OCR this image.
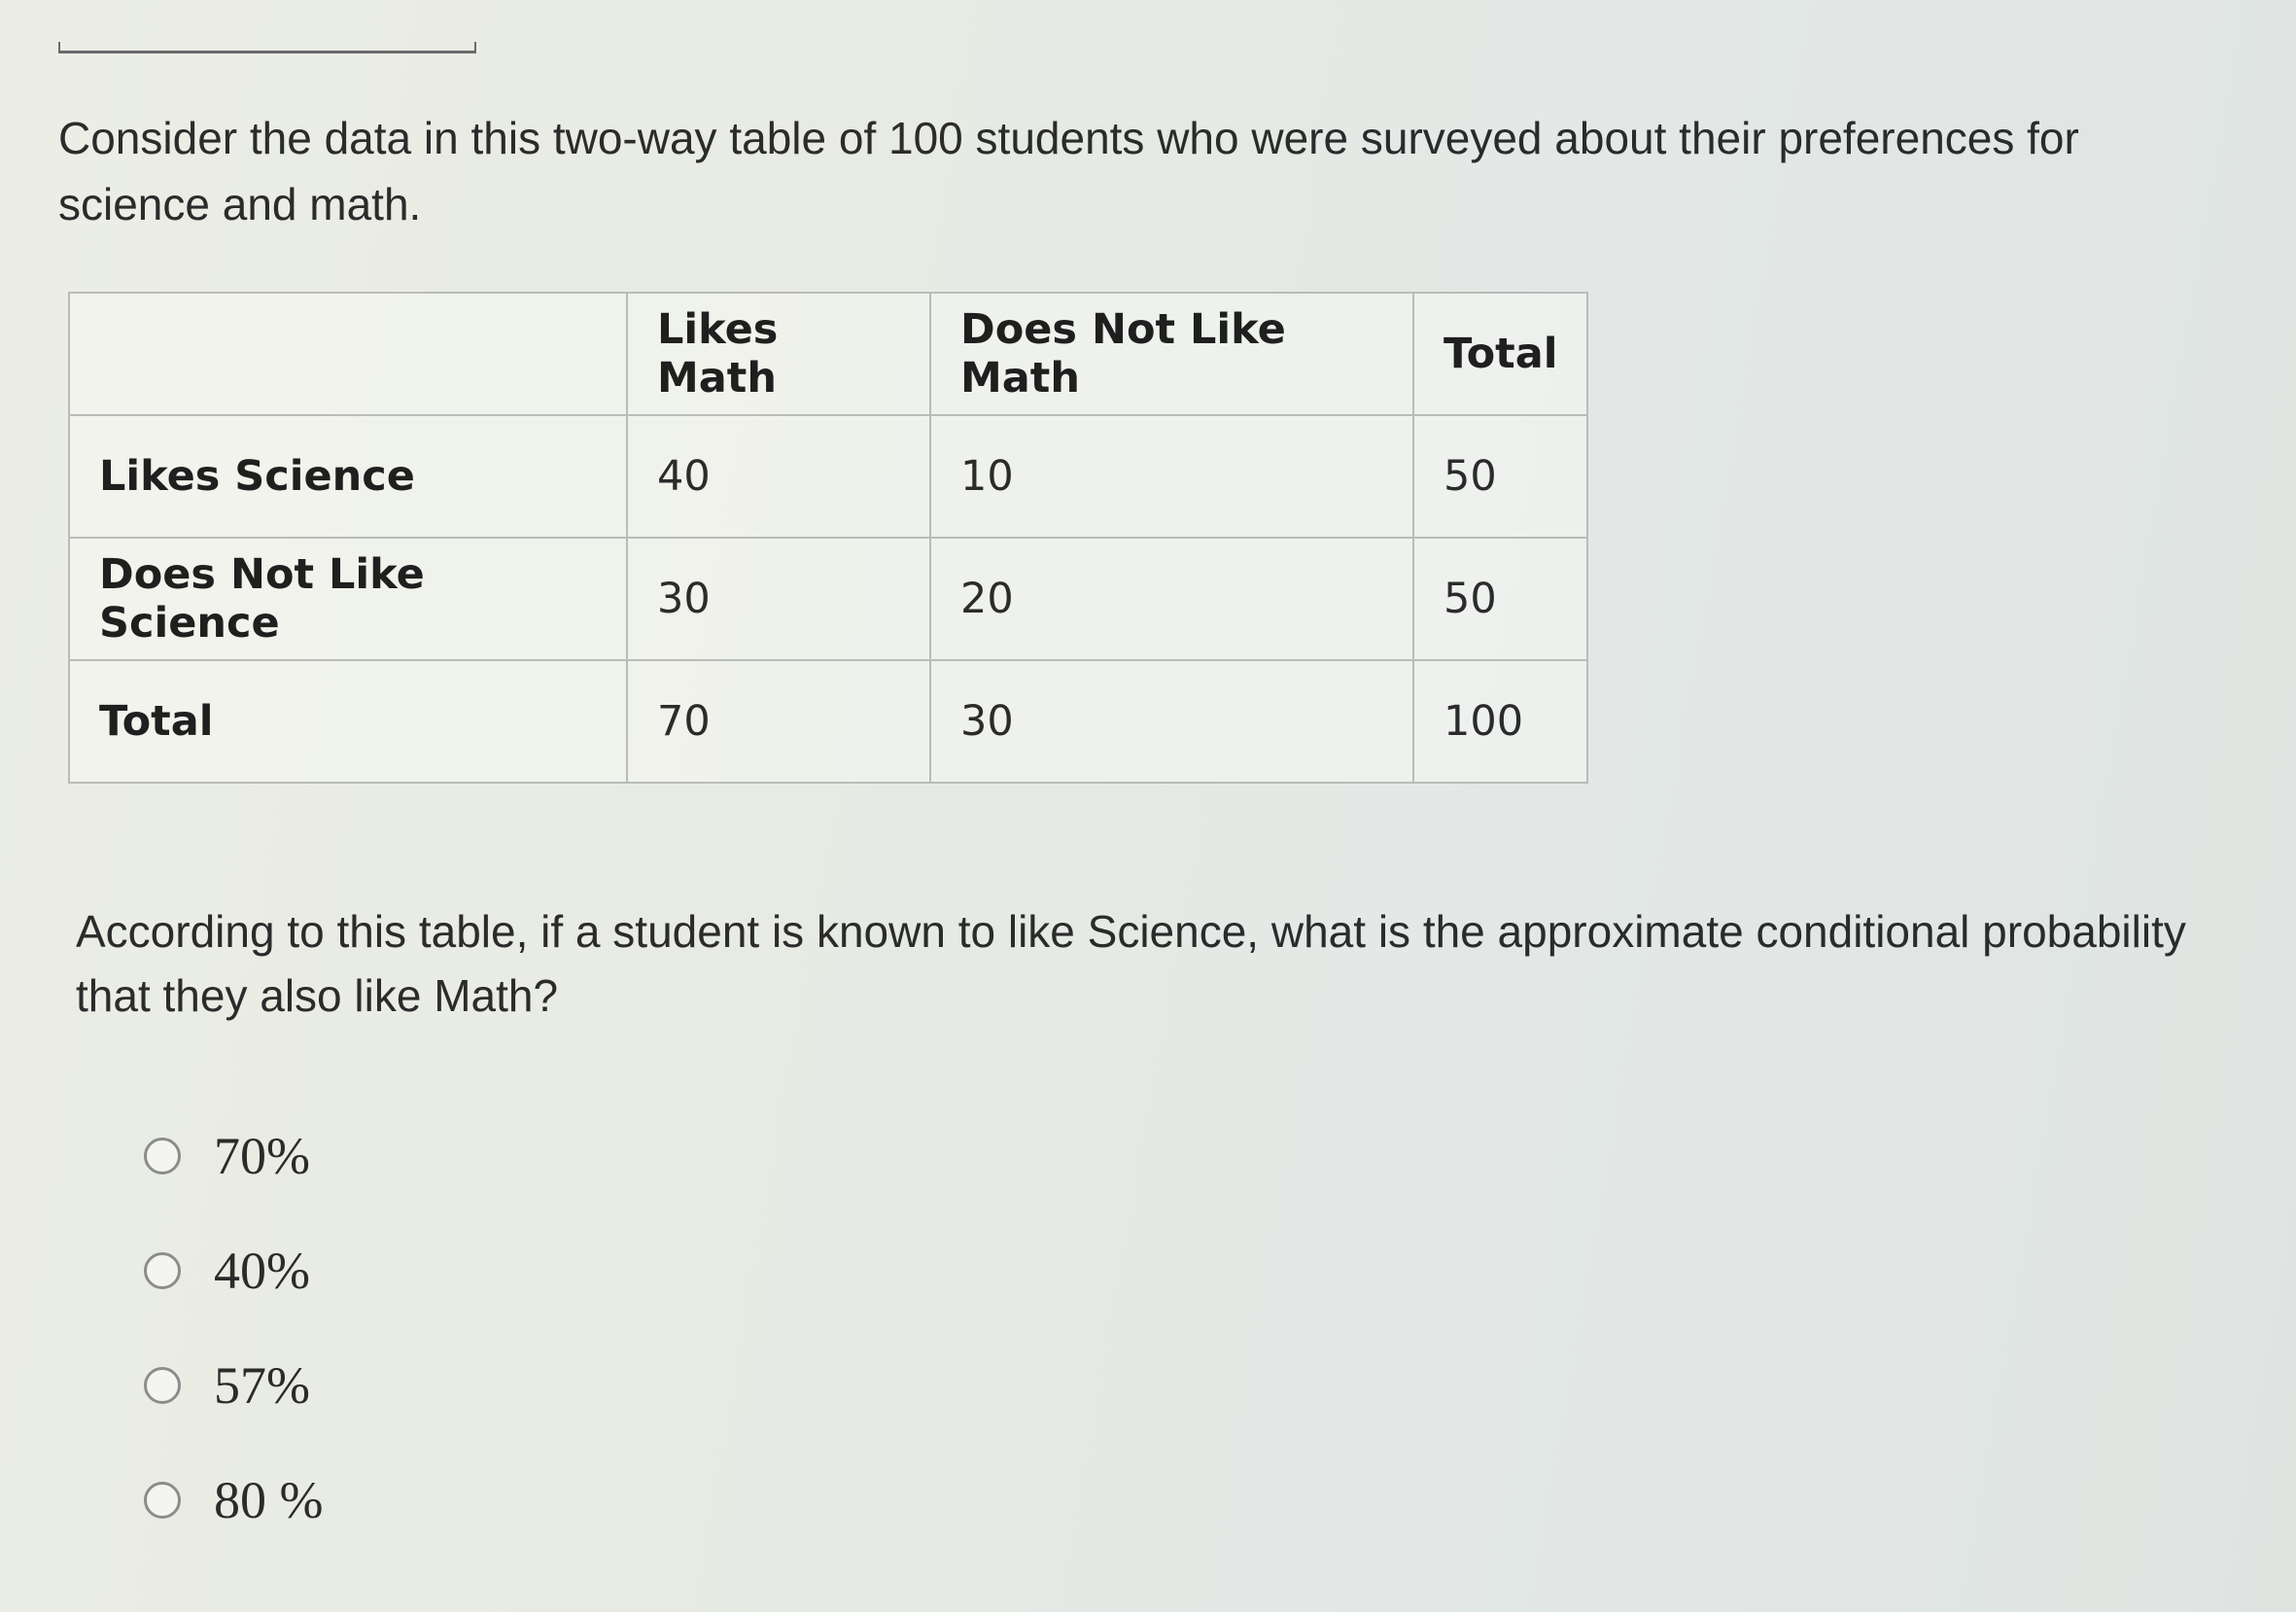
Consider the data in this two-way table of 100 students who were surveyed about their preferences for science and math.
	Likes Math	Does Not Like Math	Total
Likes Science	40	10	50
Does Not Like Science	30	20	50
Total	70	30	100
According to this table, if a student is known to like Science, what is the approximate conditional probability that they also like Math?
70%
40%
57%
80 %
